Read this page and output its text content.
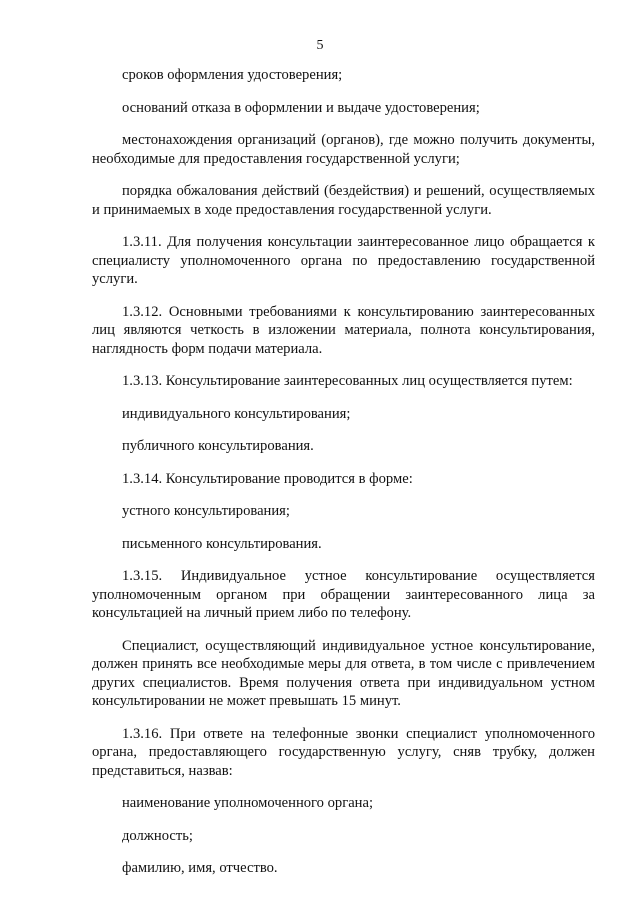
5

сроков оформления удостоверения;

оснований отказа в оформлении и выдаче удостоверения;

местонахождения организаций (органов), где можно получить документы, необходимые для предоставления государственной услуги;

порядка обжалования действий (бездействия) и решений, осуществляемых и принимаемых в ходе предоставления государственной услуги.

1.3.11. Для получения консультации заинтересованное лицо обращается к специалисту уполномоченного органа по предоставлению государственной услуги.

1.3.12. Основными требованиями к консультированию заинтересованных лиц являются четкость в изложении материала, полнота консультирования, наглядность форм подачи материала.

1.3.13. Консультирование заинтересованных лиц осуществляется путем:

индивидуального консультирования;

публичного консультирования.

1.3.14. Консультирование проводится в форме:

устного консультирования;

письменного консультирования.

1.3.15. Индивидуальное устное консультирование осуществляется уполномоченным органом при обращении заинтересованного лица за консультацией на личный прием либо по телефону.

Специалист, осуществляющий индивидуальное устное консультирование, должен принять все необходимые меры для ответа, в том числе с привлечением других специалистов. Время получения ответа при индивидуальном устном консультировании не может превышать 15 минут.

1.3.16. При ответе на телефонные звонки специалист уполномоченного органа, предоставляющего государственную услугу, сняв трубку, должен представиться, назвав:

наименование уполномоченного органа;

должность;

фамилию, имя, отчество.
